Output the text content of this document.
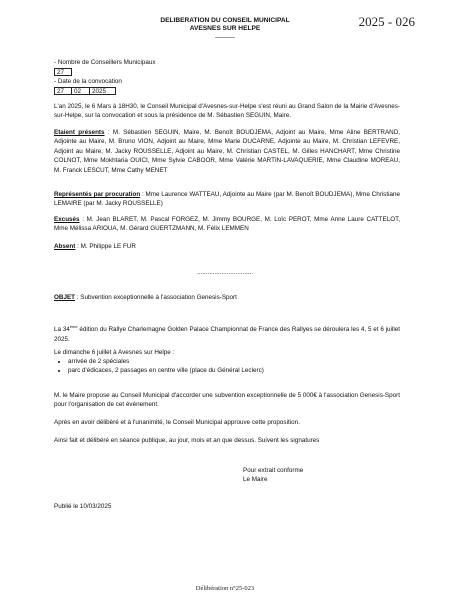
DELIBERATION DU CONSEIL MUNICIPAL
AVESNES SUR HELPE
———
2025 - 026
- Nombre de Conseillers Municipaux
27
- Date de la convocation
27	02	2025
L'an 2025, le 6 Mars à 18H30, le Conseil Municipal d'Avesnes-sur-Helpe s'est réuni au Grand Salon de la Mairie d'Avesnes-sur-Helpe, sur la convocation et sous la présidence de M. Sébastien SEGUIN, Maire.
Etaient présents : M. Sébastien SEGUIN, Maire, M. Benoît BOUDJEMA, Adjoint au Maire, Mme Aline BERTRAND, Adjointe au Maire, M. Bruno VION, Adjoint au Maire, Mme Marie DUCARNE, Adjointe au Maire, M. Christian LEFEVRE, Adjoint au Maire, M. Jacky ROUSSELLE, Adjoint au Maire, M. Christian CASTEL, M. Gilles HANCHART, Mme Christine COLNOT, Mme Mokhtaria OUICI, Mme Sylvie CABOOR, Mme Valérie MARTIN-LAVAQUERIE, Mme Claudine MOREAU, M. Franck LESCUT, Mme Cathy MENET
Représentés par procuration : Mme Laurence WATTEAU, Adjointe au Maire (par M. Benoît BOUDJEMA), Mme Christiane LEMAIRE (par M. Jacky ROUSSELLE)
Excusés : M. Jean BLARET, M. Pascal FORGEZ, M. Jimmy BOURGE, M. Loïc PEROT, Mme Anne Laure CATTELOT, Mme Mélissa ARIOUA, M. Gérard GUERTZMANN, M. Félix LEMMEN
Absent : M. Philippe LE FUR
................................
OBJET : Subvention exceptionnelle à l'association Genesis-Sport
La 34ème édition du Rallye Charlemagne Golden Palace Championnat de France des Rallyes se déroulera les 4, 5 et 6 juillet 2025.
Le dimanche 6 juillet à Avesnes sur Helpe :
• arrivée de 2 spéciales
• parc d'édicaces, 2 passages en centre ville (place du Général Leclerc)
M. le Maire propose au Conseil Municipal d'accorder une subvention exceptionnelle de 5 000€ à l'association Genesis-Sport pour l'organisation de cet évènement.
Après en avoir délibéré et à l'unanimité, le Conseil Municipal approuve cette proposition.
Ainsi fait et délibéré en séance publique, au jour, mois et an que dessus. Suivent les signatures
Pour extrait conforme
Le Maire
Publié le 10/03/2025
Délibération n°25-023
